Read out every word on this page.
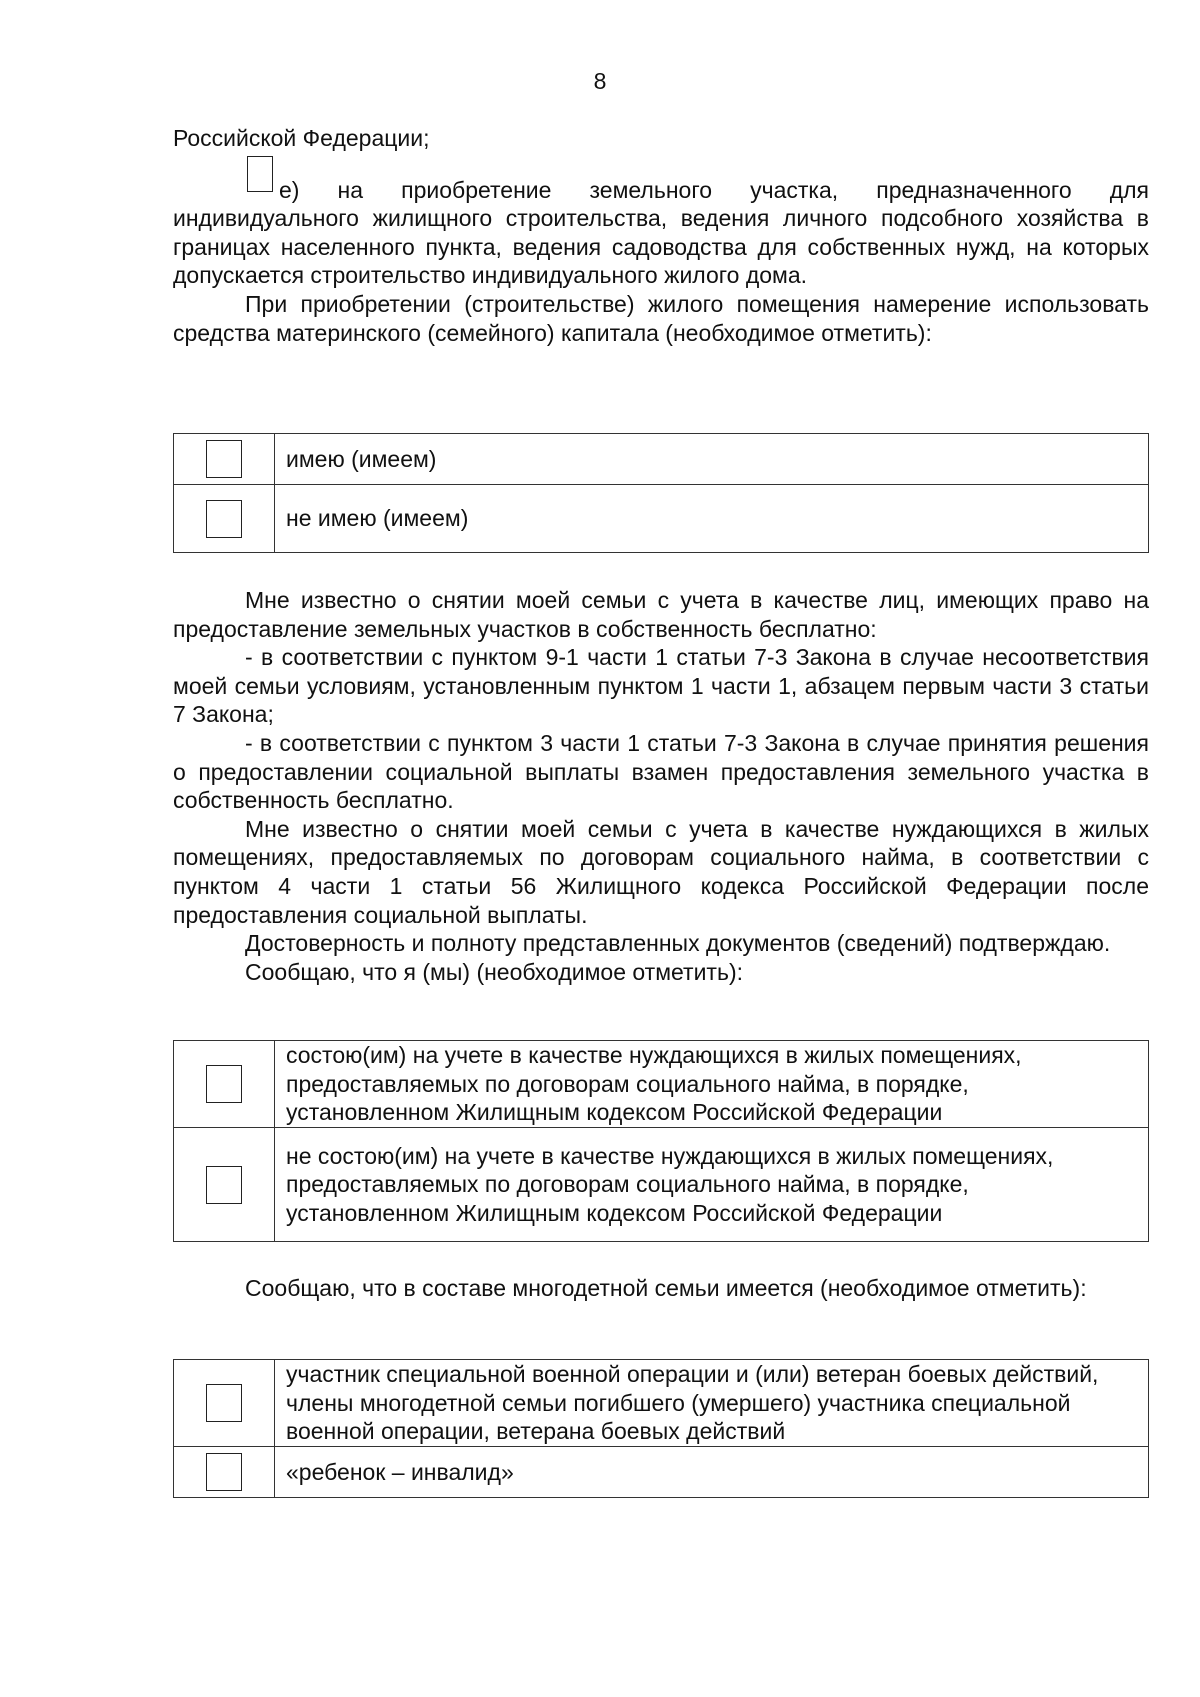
8

Российской Федерации;

е) на приобретение земельного участка, предназначенного для индивидуального жилищного строительства, ведения личного подсобного хозяйства в границах населенного пункта, ведения садоводства для собственных нужд, на которых допускается строительство индивидуального жилого дома.

При приобретении (строительстве) жилого помещения намерение использовать средства материнского (семейного) капитала (необходимое отметить):

	имею (имеем)
	не имею (имеем)

Мне известно о снятии моей семьи с учета в качестве лиц, имеющих право на предоставление земельных участков в собственность бесплатно:

- в соответствии с пунктом 9-1 части 1 статьи 7-3 Закона в случае несоответствия моей семьи условиям, установленным пунктом 1 части 1, абзацем первым части 3 статьи 7 Закона;

- в соответствии с пунктом 3 части 1 статьи 7-3 Закона в случае принятия решения о предоставлении социальной выплаты взамен предоставления земельного участка в собственность бесплатно.

Мне известно о снятии моей семьи с учета в качестве нуждающихся в жилых помещениях, предоставляемых по договорам социального найма, в соответствии с пунктом 4 части 1 статьи 56 Жилищного кодекса Российской Федерации после предоставления социальной выплаты.

Достоверность и полноту представленных документов (сведений) подтверждаю.

Сообщаю, что я (мы) (необходимое отметить):

	состою(им) на учете в качестве нуждающихся в жилых помещениях, предоставляемых по договорам социального найма, в порядке, установленном Жилищным кодексом Российской Федерации
	не состою(им) на учете в качестве нуждающихся в жилых помещениях, предоставляемых по договорам социального найма, в порядке, установленном Жилищным кодексом Российской Федерации

Сообщаю, что в составе многодетной семьи имеется (необходимое отметить):

	участник специальной военной операции и (или) ветеран боевых действий, члены многодетной семьи погибшего (умершего) участника специальной военной операции, ветерана боевых действий
	«ребенок – инвалид»
